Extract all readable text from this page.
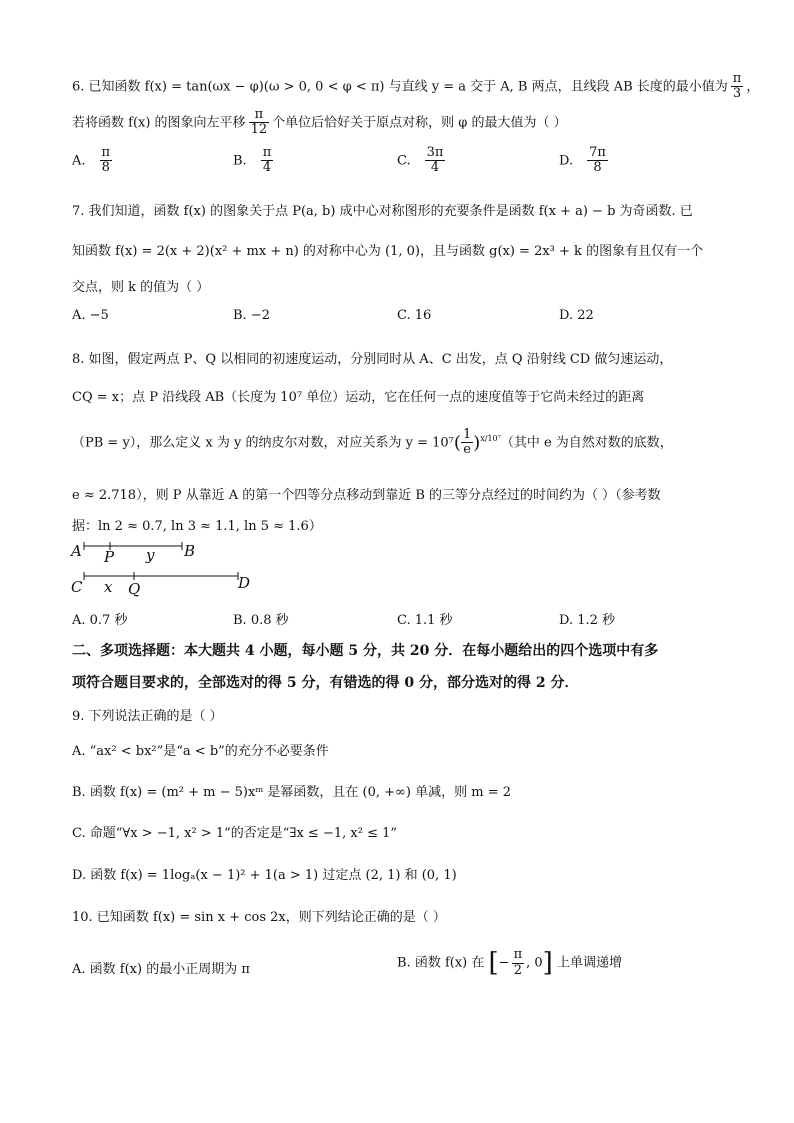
6. 已知函数 f(x) = tan(ωx − φ)(ω > 0, 0 < φ < π) 与直线 y = a 交于 A, B 两点，且线段 AB 长度的最小值为 $\frac{\pi}{3}$ ，
若将函数 f(x) 的图象向左平移 $\frac{\pi}{12}$ 个单位后恰好关于原点对称，则 φ 的最大值为（ ）
A. $\frac{\pi}{8}$	B. $\frac{\pi}{4}$	C. $\frac{3\pi}{4}$	D. $\frac{7\pi}{8}$
7. 我们知道，函数 f(x) 的图象关于点 P(a, b) 成中心对称图形的充要条件是函数 f(x + a) − b 为奇函数. 已
知函数 f(x) = 2(x + 2)(x² + mx + n) 的对称中心为 (1, 0)，且与函数 g(x) = 2x³ + k 的图象有且仅有一个
交点，则 k 的值为（ ）
A. −5	B. −2	C. 16	D. 22
8. 如图，假定两点 P、Q 以相同的初速度运动，分别同时从 A、C 出发，点 Q 沿射线 CD 做匀速运动，
CQ = x；点 P 沿线段 AB（长度为 10⁷ 单位）运动，它在任何一点的速度值等于它尚未经过的距离
（PB = y），那么定义 x 为 y 的纳皮尔对数，对应关系为 $y = 10^7( \frac{1}{e} )^{x/10^7}$（其中 e 为自然对数的底数，
e ≈ 2.718），则 P 从靠近 A 的第一个四等分点移动到靠近 B 的三等分点经过的时间约为（ ）（参考数
据：ln 2 ≈ 0.7, ln 3 ≈ 1.1, ln 5 ≈ 1.6）
A P y B
C x Q	D
A. 0.7 秒	B. 0.8 秒	C. 1.1 秒	D. 1.2 秒
二、多项选择题：本大题共 4 小题，每小题 5 分，共 20 分．在每小题给出的四个选项中有多
项符合题目要求的，全部选对的得 5 分，有错选的得 0 分，部分选对的得 2 分．
9. 下列说法正确的是（ ）
A. “ax² < bx²”是“a < b”的充分不必要条件
B. 函数 f(x) = (m² + m − 5)xᵐ 是幂函数，且在 (0, +∞) 单减，则 m = 2
C. 命题“∀x > −1, x² > 1”的否定是“∃x ≤ −1, x² ≤ 1”
D. 函数 f(x) = 1logₐ(x − 1)² + 1(a > 1) 过定点 (2, 1) 和 (0, 1)
10. 已知函数 f(x) = sin x + cos 2x，则下列结论正确的是（ ）
A. 函数 f(x) 的最小正周期为 π	B. 函数 f(x) 在 [− $\frac{\pi}{2}$ , 0] 上单调递增
